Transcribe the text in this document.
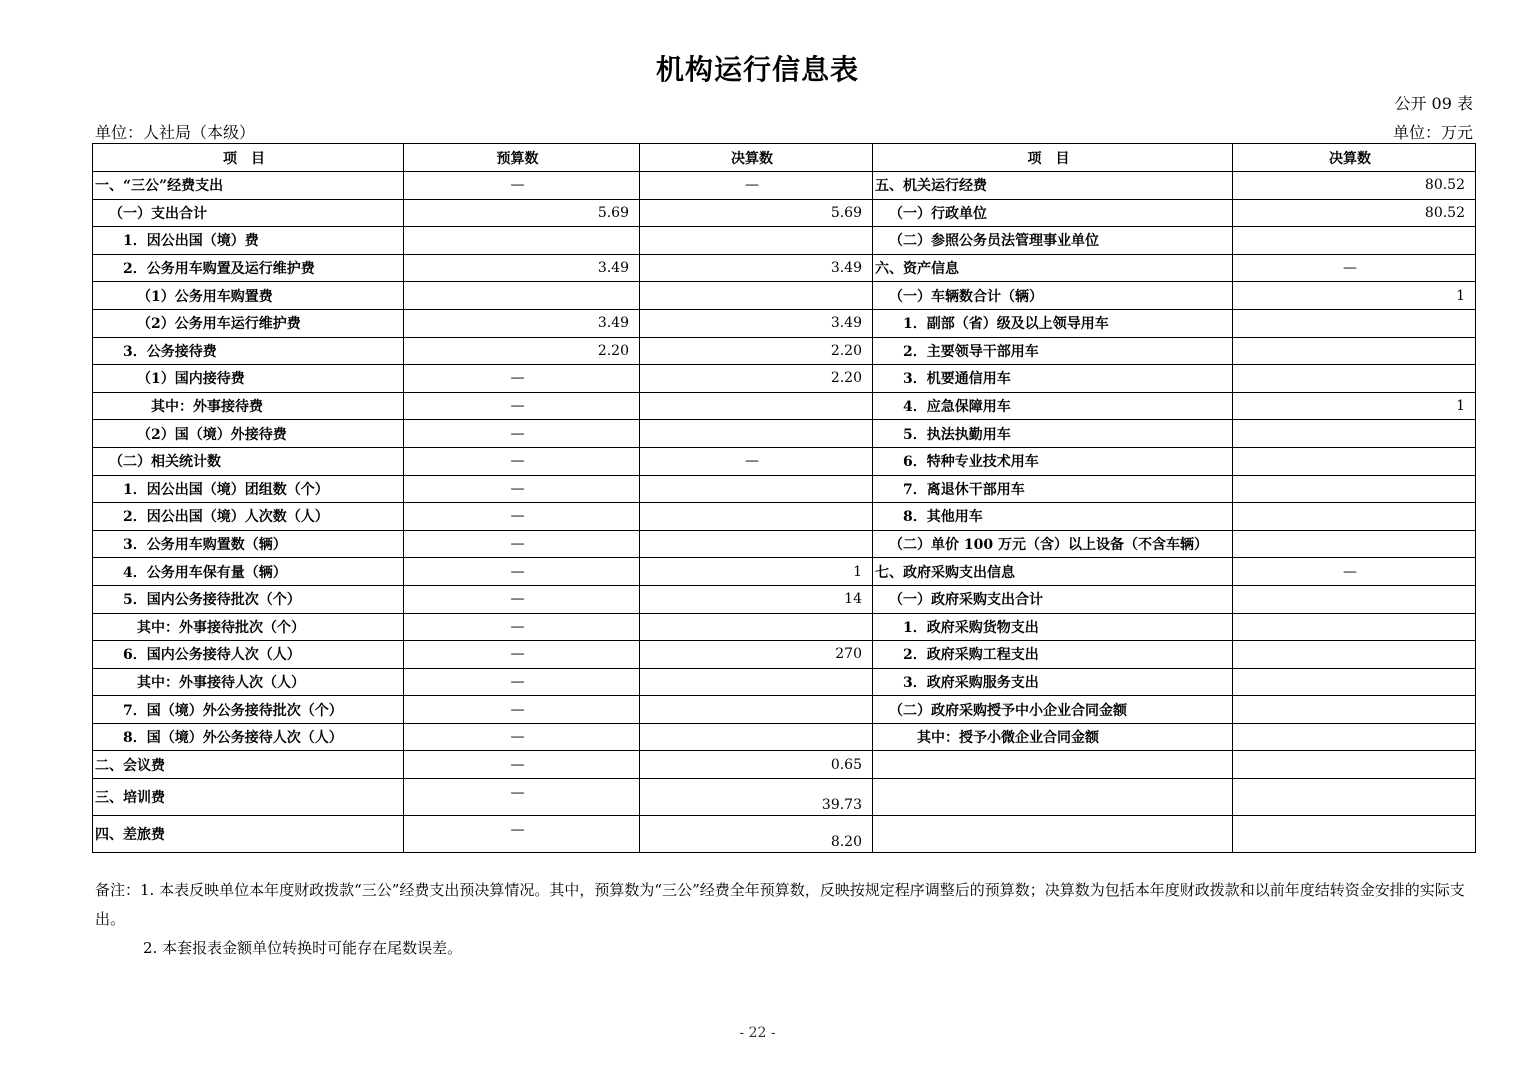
机构运行信息表
公开 09 表
单位：人社局（本级）	单位：万元
项　目	预算数	决算数	项　目	决算数
一、“三公”经费支出	—	—	五、机关运行经费	80.52
（一）支出合计	5.69	5.69	（一）行政单位	80.52
1．因公出国（境）费			（二）参照公务员法管理事业单位	
2．公务用车购置及运行维护费	3.49	3.49	六、资产信息	—
（1）公务用车购置费			（一）车辆数合计（辆）	1
（2）公务用车运行维护费	3.49	3.49	1．副部（省）级及以上领导用车	
3．公务接待费	2.20	2.20	2．主要领导干部用车	
（1）国内接待费	—	2.20	3．机要通信用车	
其中：外事接待费	—		4．应急保障用车	1
（2）国（境）外接待费	—		5．执法执勤用车	
（二）相关统计数	—	—	6．特种专业技术用车	
1．因公出国（境）团组数（个）	—		7．离退休干部用车	
2．因公出国（境）人次数（人）	—		8．其他用车	
3．公务用车购置数（辆）	—		（二）单价 100 万元（含）以上设备（不含车辆）	
4．公务用车保有量（辆）	—	1	七、政府采购支出信息	—
5．国内公务接待批次（个）	—	14	（一）政府采购支出合计	
其中：外事接待批次（个）	—		1．政府采购货物支出	
6．国内公务接待人次（人）	—	270	2．政府采购工程支出	
其中：外事接待人次（人）	—		3．政府采购服务支出	
7．国（境）外公务接待批次（个）	—		（二）政府采购授予中小企业合同金额	
8．国（境）外公务接待人次（人）	—		其中：授予小微企业合同金额	
二、会议费	—	0.65		
三、培训费	—	39.73		
四、差旅费	—	8.20		

备注：1. 本表反映单位本年度财政拨款“三公”经费支出预决算情况。其中，预算数为“三公”经费全年预算数，反映按规定程序调整后的预算数；决算数为包括本年度财政拨款和以前年度结转资金安排的实际支出。

2. 本套报表金额单位转换时可能存在尾数误差。

- 22 -
